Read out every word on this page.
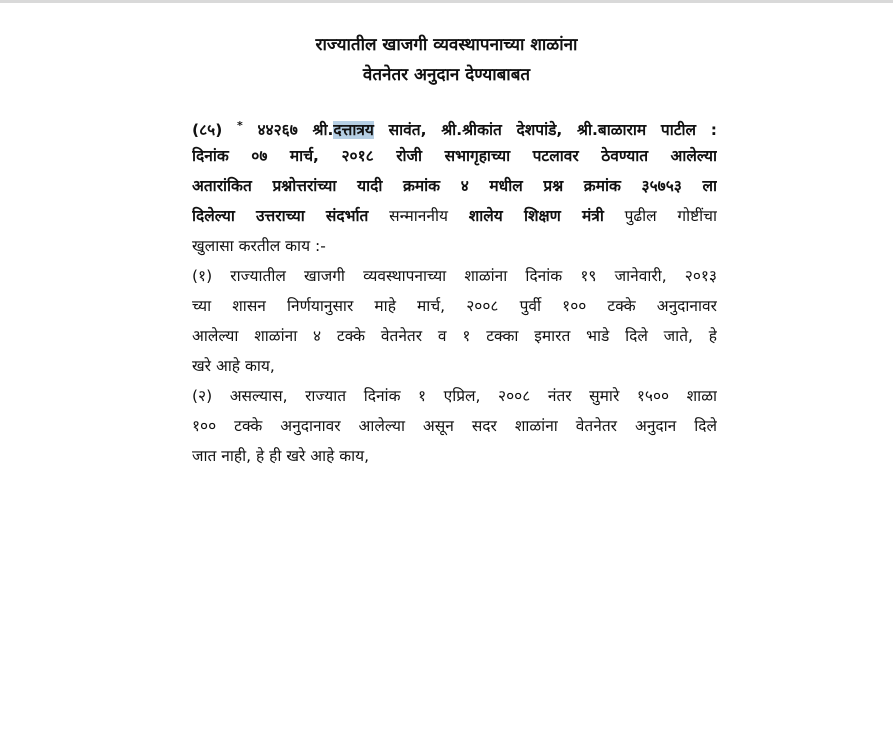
राज्यातील खाजगी व्यवस्थापनाच्या शाळांना
वेतनेतर अनुदान देण्याबाबत
(८५) * ४४२६७ श्री.दत्तात्रय सावंत, श्री.श्रीकांत देशपांडे, श्री.बाळाराम पाटील :
दिनांक ०७ मार्च, २०१८ रोजी सभागृहाच्या पटलावर ठेवण्यात आलेल्या
अतारांकित प्रश्नोत्तरांच्या यादी क्रमांक ४ मधील प्रश्न क्रमांक ३५७५३ ला
दिलेल्या उत्तराच्या संदर्भात सन्माननीय शालेय शिक्षण मंत्री पुढील गोष्टींचा
खुलासा करतील काय :-
(१) राज्यातील खाजगी व्यवस्थापनाच्या शाळांना दिनांक १९ जानेवारी, २०१३
च्या शासन निर्णयानुसार माहे मार्च, २००८ पुर्वी १०० टक्के अनुदानावर
आलेल्या शाळांना ४ टक्के वेतनेतर व १ टक्का इमारत भाडे दिले जाते, हे
खरे आहे काय,
(२) असल्यास, राज्यात दिनांक १ एप्रिल, २००८ नंतर सुमारे १५०० शाळा
१०० टक्के अनुदानावर आलेल्या असून सदर शाळांना वेतनेतर अनुदान दिले
जात नाही, हे ही खरे आहे काय,
